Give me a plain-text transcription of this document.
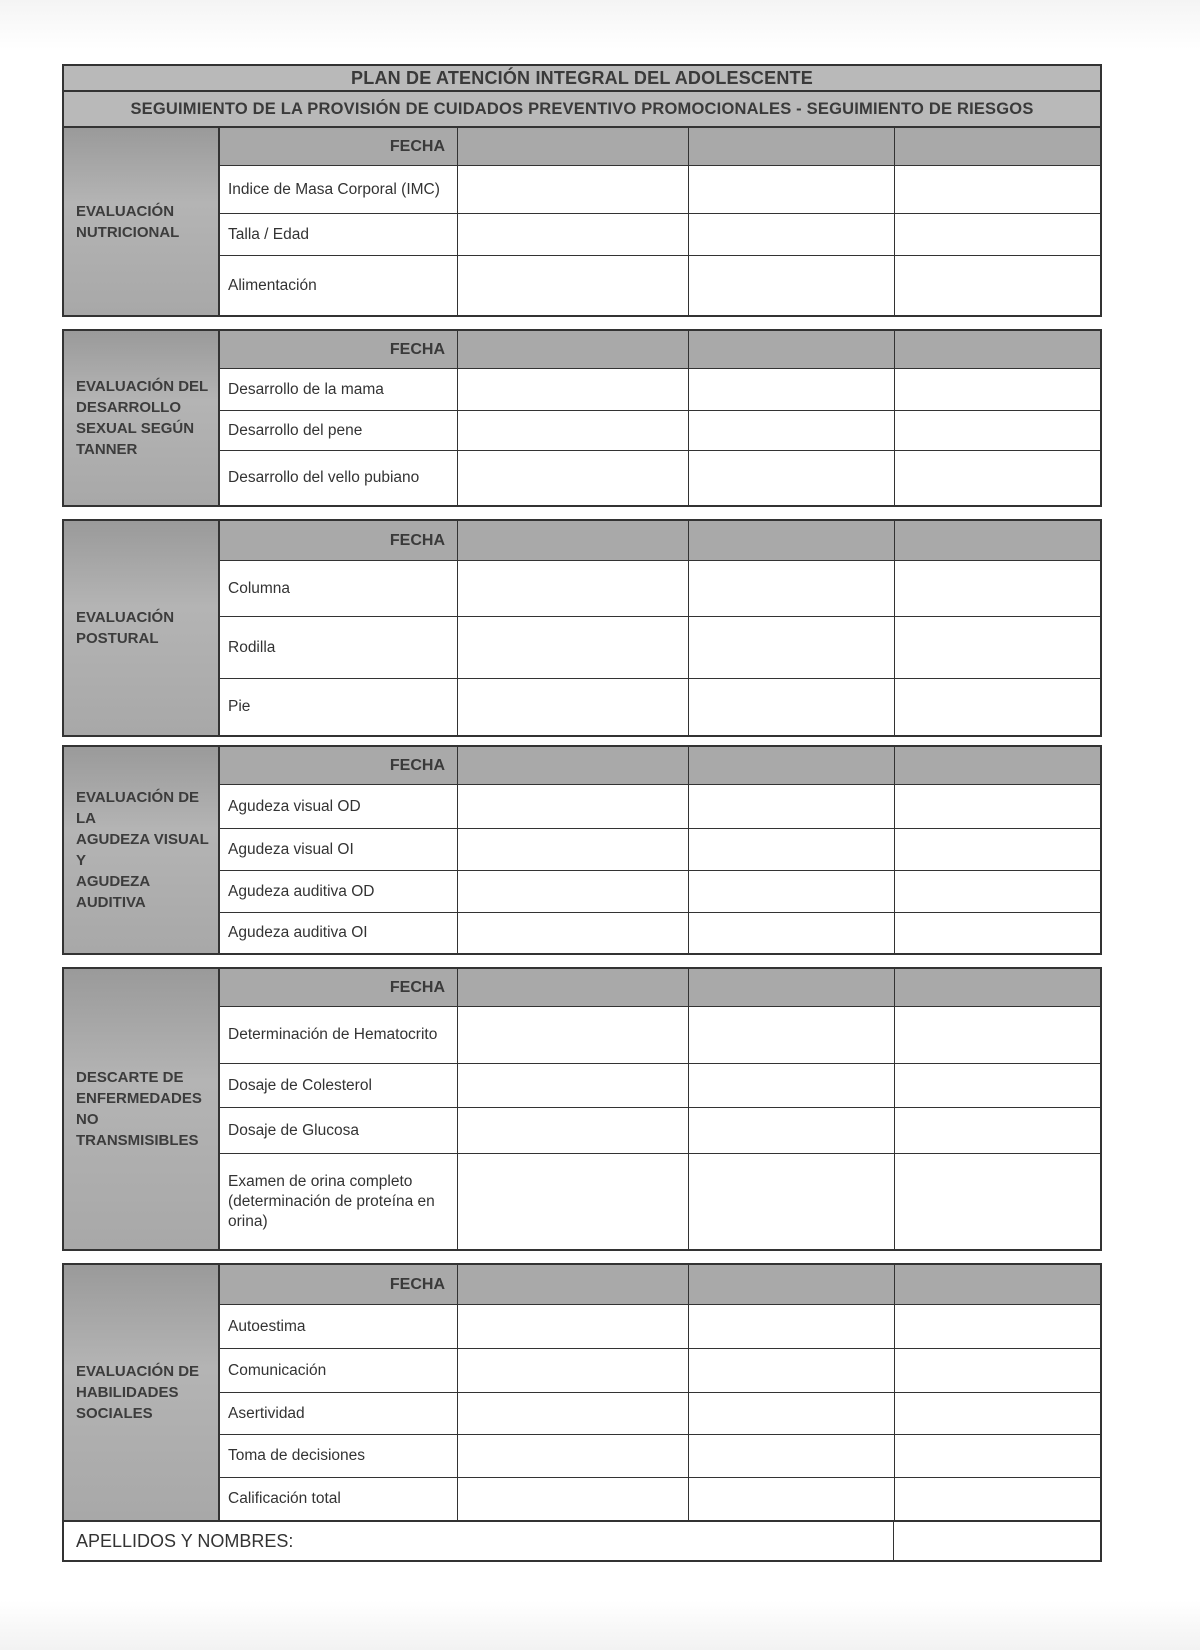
PLAN DE ATENCIÓN INTEGRAL DEL ADOLESCENTE
SEGUIMIENTO DE LA PROVISIÓN DE CUIDADOS PREVENTIVO PROMOCIONALES - SEGUIMIENTO DE RIESGOS
EVALUACIÓN
NUTRICIONAL
FECHA
Indice de Masa Corporal (IMC)
Talla / Edad
Alimentación
EVALUACIÓN DEL
DESARROLLO
SEXUAL SEGÚN
TANNER
FECHA
Desarrollo de la mama
Desarrollo del pene
Desarrollo del vello pubiano
EVALUACIÓN
POSTURAL
FECHA
Columna
Rodilla
Pie
EVALUACIÓN DE LA
AGUDEZA VISUAL Y
AGUDEZA AUDITIVA
FECHA
Agudeza visual OD
Agudeza visual OI
Agudeza auditiva OD
Agudeza auditiva OI
DESCARTE DE
ENFERMEDADES
NO
TRANSMISIBLES
FECHA
Determinación de Hematocrito
Dosaje de Colesterol
Dosaje de Glucosa
Examen de orina completo (determinación de proteína en orina)
EVALUACIÓN DE
HABILIDADES
SOCIALES
FECHA
Autoestima
Comunicación
Asertividad
Toma de decisiones
Calificación total
APELLIDOS Y NOMBRES:
